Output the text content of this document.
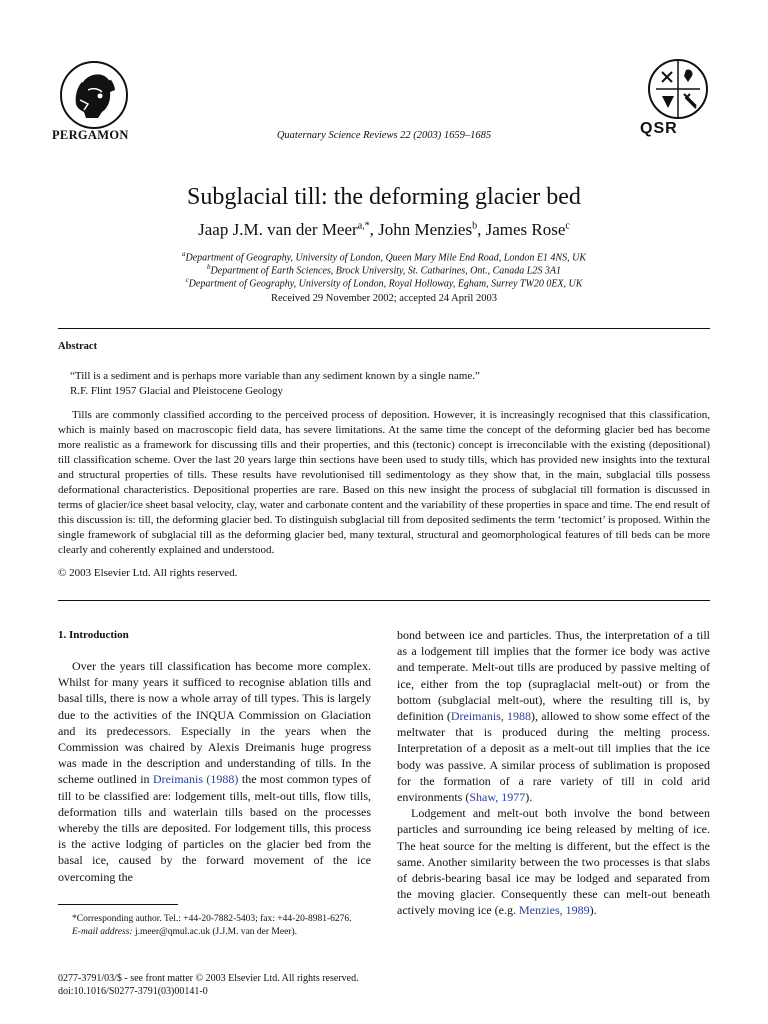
PERGAMON	Quaternary Science Reviews 22 (2003) 1659–1685	QSR
Subglacial till: the deforming glacier bed
Jaap J.M. van der Meer$^{a,*}$, John Menzies$^b$, James Rose$^c$
$^a$Department of Geography, University of London, Queen Mary Mile End Road, London E1 4NS, UK
$^b$Department of Earth Sciences, Brock University, St. Catharines, Ont., Canada L2S 3A1
$^c$Department of Geography, University of London, Royal Holloway, Egham, Surrey TW20 0EX, UK
Received 29 November 2002; accepted 24 April 2003
Abstract
“Till is a sediment and is perhaps more variable than any sediment known by a single name.”
R.F. Flint 1957 Glacial and Pleistocene Geology

Tills are commonly classified according to the perceived process of deposition. However, it is increasingly recognised that this classification, which is mainly based on macroscopic field data, has severe limitations. At the same time the concept of the deforming glacier bed has become more realistic as a framework for discussing tills and their properties, and this (tectonic) concept is irreconcilable with the existing (depositional) till classification scheme. Over the last 20 years large thin sections have been used to study tills, which has provided new insights into the textural and structural properties of tills. These results have revolutionised till sedimentology as they show that, in the main, subglacial tills possess deformational characteristics. Depositional properties are rare. Based on this new insight the process of subglacial till formation is discussed in terms of glacier/ice sheet basal velocity, clay, water and carbonate content and the variability of these properties in space and time. The end result of this discussion is: till, the deforming glacier bed. To distinguish subglacial till from deposited sediments the term ‘tectomict’ is proposed. Within the single framework of subglacial till as the deforming glacier bed, many textural, structural and geomorphological features of till beds can be more clearly and coherently explained and understood.

© 2003 Elsevier Ltd. All rights reserved.
1. Introduction

Over the years till classification has become more complex. Whilst for many years it sufficed to recognise ablation tills and basal tills, there is now a whole array of till types. This is largely due to the activities of the INQUA Commission on Glaciation and its predecessors. Especially in the years when the Commission was chaired by Alexis Dreimanis huge progress was made in the description and understanding of tills. In the scheme outlined in Dreimanis (1988) the most common types of till to be classified are: lodgement tills, melt-out tills, flow tills, deformation tills and waterlain tills based on the processes whereby the tills are deposited. For lodgement tills, this process is the active lodging of particles on the glacier bed from the basal ice, caused by the forward movement of the ice overcoming the

bond between ice and particles. Thus, the interpretation of a till as a lodgement till implies that the former ice body was active and temperate. Melt-out tills are produced by passive melting of ice, either from the top (supraglacial melt-out) or from the bottom (subglacial melt-out), where the resulting till is, by definition (Dreimanis, 1988), allowed to show some effect of the meltwater that is produced during the melting process. Interpretation of a deposit as a melt-out till implies that the ice body was passive. A similar process of sublimation is proposed for the formation of a rare variety of till in cold arid environments (Shaw, 1977).

Lodgement and melt-out both involve the bond between particles and surrounding ice being released by melting of ice. The heat source for the melting is different, but the effect is the same. Another similarity between the two processes is that slabs of debris-bearing basal ice may be lodged and separated from the moving glacier. Consequently these can melt-out beneath actively moving ice (e.g. Menzies, 1989).

*Corresponding author. Tel.: +44-20-7882-5403; fax: +44-20-8981-6276.

E-mail address: j.meer@qmul.ac.uk (J.J.M. van der Meer).

0277-3791/03/$ - see front matter © 2003 Elsevier Ltd. All rights reserved.

doi:10.1016/S0277-3791(03)00141-0
